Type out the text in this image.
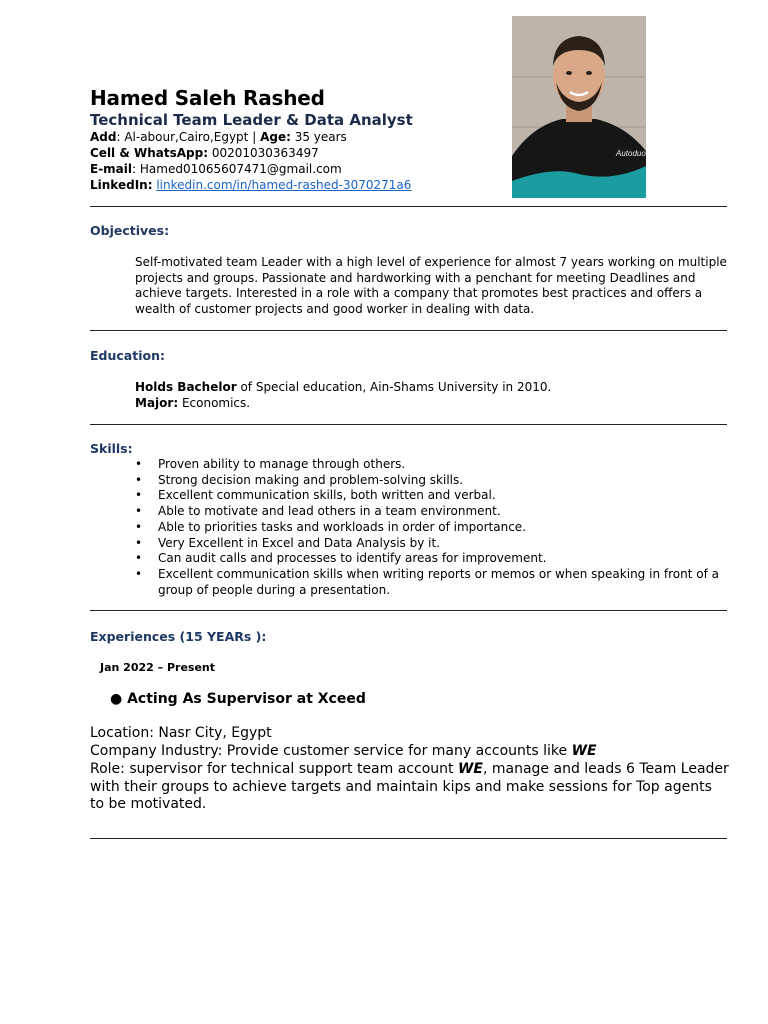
Hamed Saleh Rashed
Technical Team Leader & Data Analyst
Add: Al-abour,Cairo,Egypt | Age: 35 years
Cell & WhatsApp: 00201030363497
E-mail: Hamed01065607471@gmail.com
LinkedIn: linkedin.com/in/hamed-rashed-3070271a6
Autoduo
Objectives:
Self-motivated team Leader with a high level of experience for almost 7 years working on multiple projects and groups. Passionate and hardworking with a penchant for meeting Deadlines and achieve targets. Interested in a role with a company that promotes best practices and offers a wealth of customer projects and good worker in dealing with data.
Education:
Holds Bachelor of Special education, Ain-Shams University in 2010.
Major: Economics.
Skills:
• Proven ability to manage through others.
• Strong decision making and problem-solving skills.
• Excellent communication skills, both written and verbal.
• Able to motivate and lead others in a team environment.
• Able to priorities tasks and workloads in order of importance.
• Very Excellent in Excel and Data Analysis by it.
• Can audit calls and processes to identify areas for improvement.
• Excellent communication skills when writing reports or memos or when speaking in front of a group of people during a presentation.
Experiences (15 YEARs ):
Jan 2022 – Present
● Acting As Supervisor at Xceed
Location: Nasr City, Egypt
Company Industry: Provide customer service for many accounts like WE
Role: supervisor for technical support team account WE, manage and leads 6 Team Leader with their groups to achieve targets and maintain kips and make sessions for Top agents to be motivated.
